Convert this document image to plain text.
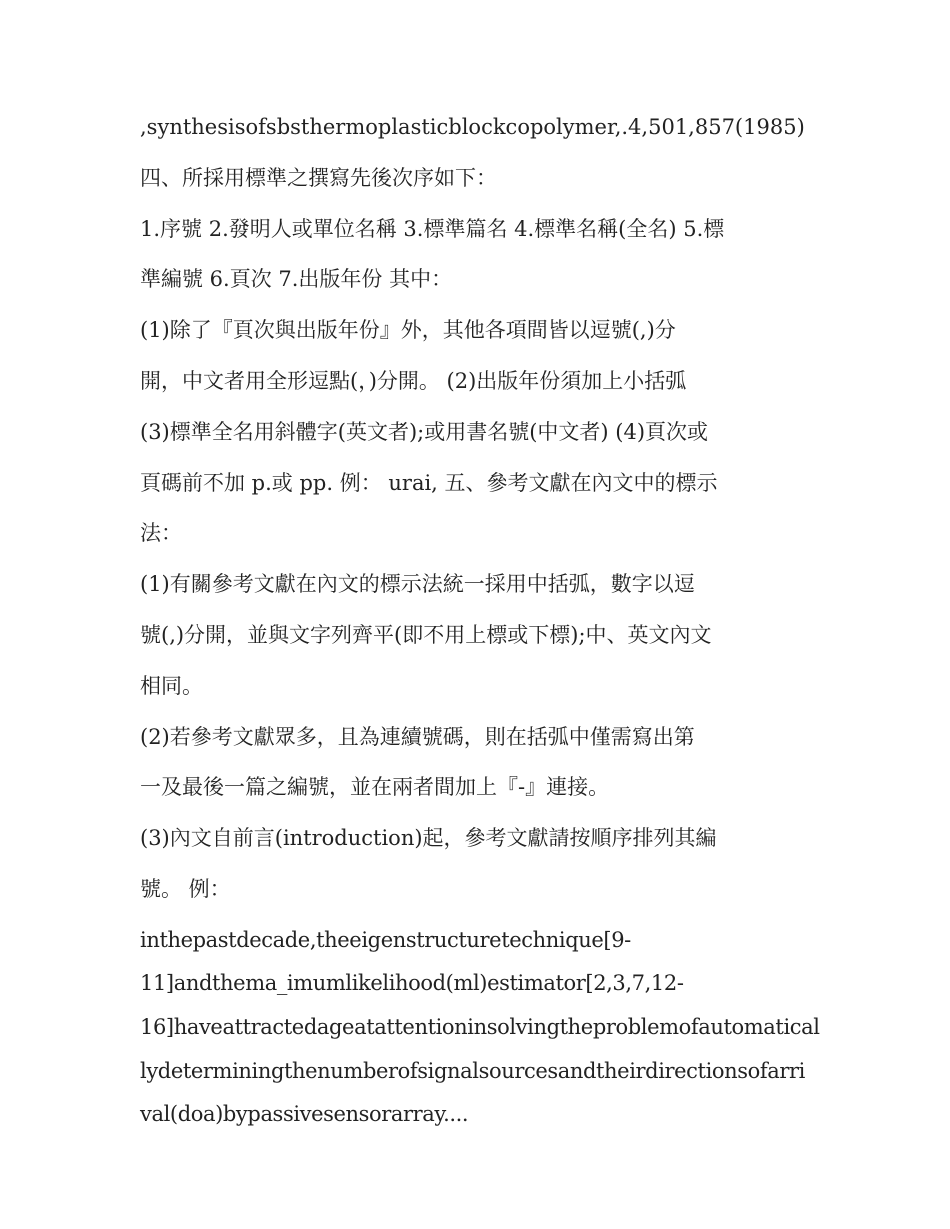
,synthesisofsbsthermoplasticblockcopolymer,.4,501,857(1985)
四、所採用標準之撰寫先後次序如下：
1.序號 2.發明人或單位名稱 3.標準篇名 4.標準名稱(全名) 5.標
準編號 6.頁次 7.出版年份 其中：
(1)除了『頁次與出版年份』外，其他各項間皆以逗號(,)分
開，中文者用全形逗點(，)分開。 (2)出版年份須加上小括弧
(3)標準全名用斜體字(英文者);或用書名號(中文者) (4)頁次或
頁碼前不加 p.或 pp. 例： urai, 五、參考文獻在內文中的標示
法：
(1)有關參考文獻在內文的標示法統一採用中括弧，數字以逗
號(,)分開，並與文字列齊平(即不用上標或下標);中、英文內文
相同。
(2)若參考文獻眾多，且為連續號碼，則在括弧中僅需寫出第
一及最後一篇之編號，並在兩者間加上『-』連接。
(3)內文自前言(introduction)起，參考文獻請按順序排列其編
號。 例：
inthepastdecade,theeigenstructuretechnique[9-
11]andthema_imumlikelihood(ml)estimator[2,3,7,12-
16]haveattractedageatattentioninsolvingtheproblemofautomatical
lydeterminingthenumberofsignalsourcesandtheirdirectionsofarri
val(doa)bypassivesensorarray....
